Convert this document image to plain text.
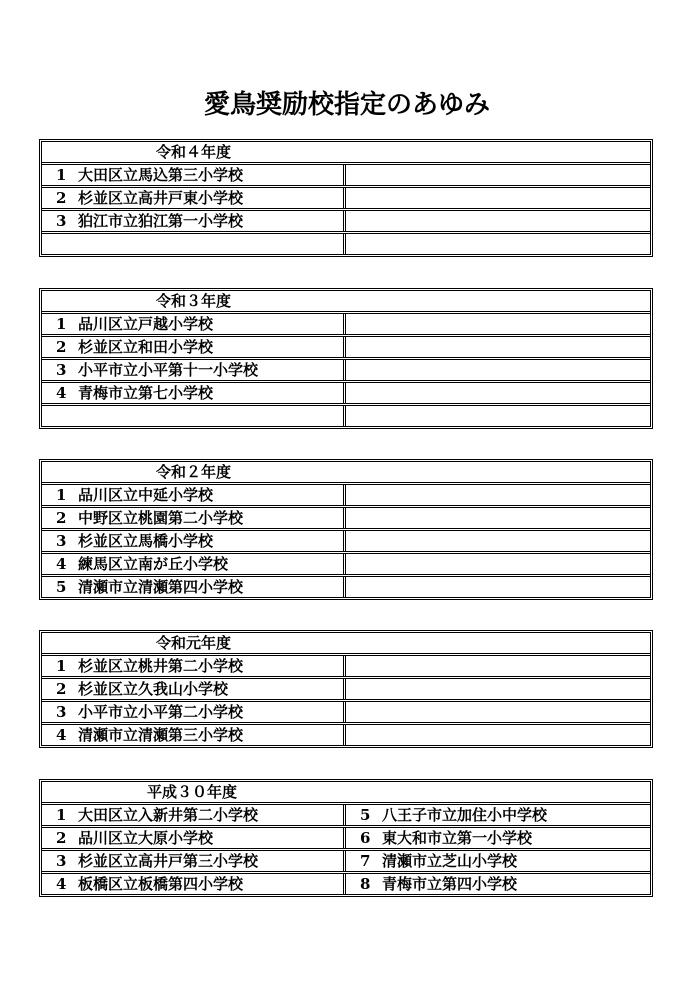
愛鳥奨励校指定のあゆみ
令和４年度
1 大田区立馬込第三小学校
2 杉並区立高井戸東小学校
3 狛江市立狛江第一小学校
令和３年度
1 品川区立戸越小学校
2 杉並区立和田小学校
3 小平市立小平第十一小学校
4 青梅市立第七小学校
令和２年度
1 品川区立中延小学校
2 中野区立桃園第二小学校
3 杉並区立馬橋小学校
4 練馬区立南が丘小学校
5 清瀬市立清瀬第四小学校
令和元年度
1 杉並区立桃井第二小学校
2 杉並区立久我山小学校
3 小平市立小平第二小学校
4 清瀬市立清瀬第三小学校
平成３０年度
1 大田区立入新井第二小学校	5 八王子市立加住小中学校
2 品川区立大原小学校	6 東大和市立第一小学校
3 杉並区立高井戸第三小学校	7 清瀬市立芝山小学校
4 板橋区立板橋第四小学校	8 青梅市立第四小学校
